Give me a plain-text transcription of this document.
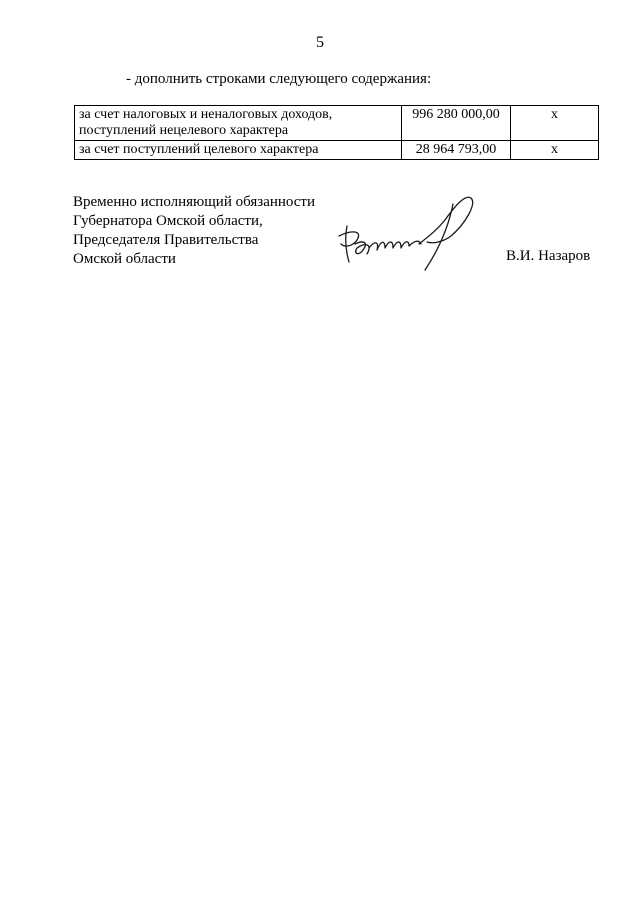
5
- дополнить строками следующего содержания:
за счет налоговых и неналоговых доходов,
поступлений нецелевого характера	996 280 000,00	х
за счет поступлений целевого характера	28 964 793,00	х
Временно исполняющий обязанности
Губернатора Омской области,
Председателя Правительства
Омской области	В.И. Назаров
